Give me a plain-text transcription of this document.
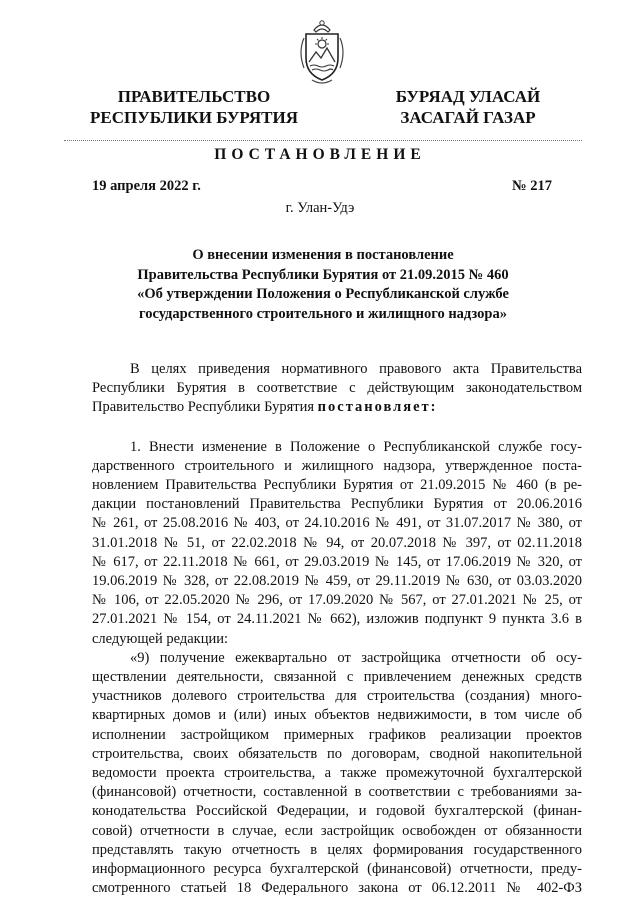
ПРАВИТЕЛЬСТВО
РЕСПУБЛИКИ БУРЯТИЯ
БУРЯАД УЛАСАЙ
ЗАСАГАЙ ГАЗАР
ПОСТАНОВЛЕНИЕ
19 апреля 2022 г.	№ 217
г. Улан-Удэ
О внесении изменения в постановление
Правительства Республики Бурятия от 21.09.2015 № 460
«Об утверждении Положения о Республиканской службе
государственного строительного и жилищного надзора»
В целях приведения нормативного правового акта Правительства
Республики Бурятия в соответствие с действующим законодательством
Правительство Республики Бурятия постановляет:
1. Внести изменение в Положение о Республиканской службе госу-
дарственного строительного и жилищного надзора, утвержденное поста-
новлением Правительства Республики Бурятия от 21.09.2015 № 460 (в ре-
дакции постановлений Правительства Республики Бурятия от 20.06.2016
№ 261, от 25.08.2016 № 403, от 24.10.2016 № 491, от 31.07.2017 № 380, от
31.01.2018 № 51, от 22.02.2018 № 94, от 20.07.2018 № 397, от 02.11.2018
№ 617, от 22.11.2018 № 661, от 29.03.2019 № 145, от 17.06.2019 № 320, от
19.06.2019 № 328, от 22.08.2019 № 459, от 29.11.2019 № 630, от 03.03.2020
№ 106, от 22.05.2020 № 296, от 17.09.2020 № 567, от 27.01.2021 № 25, от
27.01.2021 № 154, от 24.11.2021 № 662), изложив подпункт 9 пункта 3.6 в
следующей редакции:
«9) получение ежеквартально от застройщика отчетности об осу-
ществлении деятельности, связанной с привлечением денежных средств
участников долевого строительства для строительства (создания) много-
квартирных домов и (или) иных объектов недвижимости, в том числе об
исполнении застройщиком примерных графиков реализации проектов
строительства, своих обязательств по договорам, сводной накопительной
ведомости проекта строительства, а также промежуточной бухгалтерской
(финансовой) отчетности, составленной в соответствии с требованиями за-
конодательства Российской Федерации, и годовой бухгалтерской (финан-
совой) отчетности в случае, если застройщик освобожден от обязанности
представлять такую отчетность в целях формирования государственного
информационного ресурса бухгалтерской (финансовой) отчетности, преду-
смотренного статьей 18 Федерального закона от 06.12.2011 № 402-ФЗ
